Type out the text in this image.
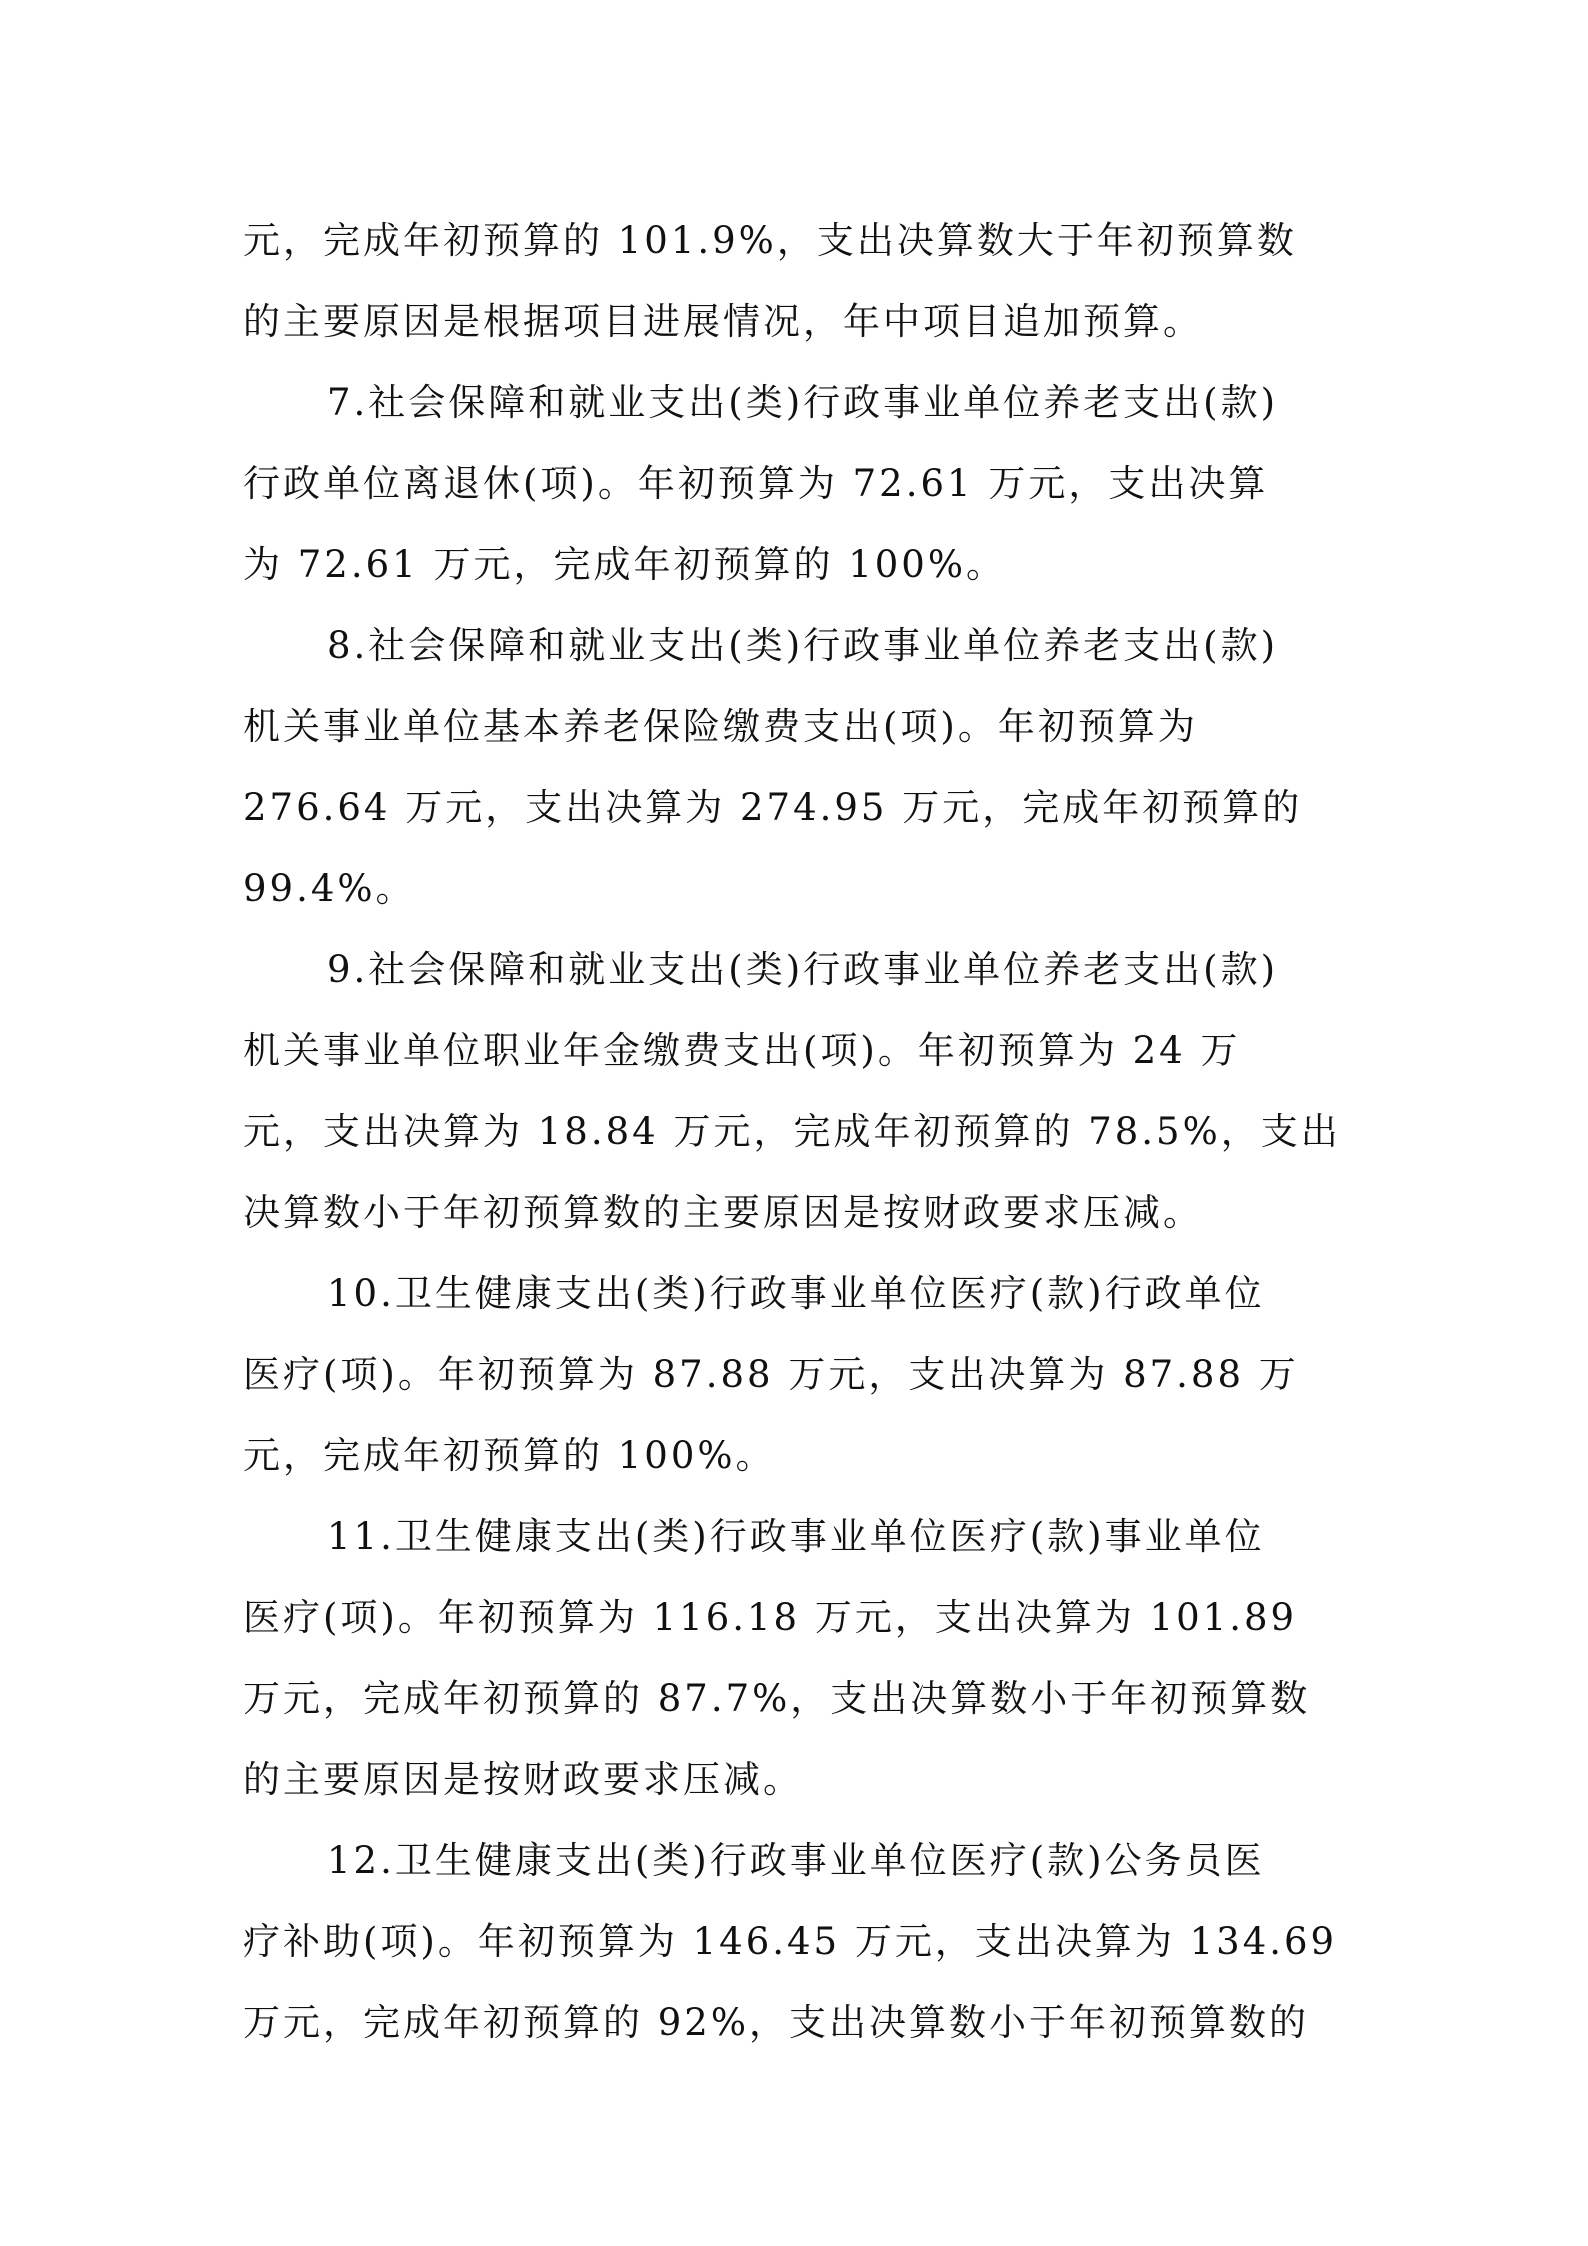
元，完成年初预算的 101.9%，支出决算数大于年初预算数
的主要原因是根据项目进展情况，年中项目追加预算。
7.社会保障和就业支出(类)行政事业单位养老支出(款)
行政单位离退休(项)。年初预算为 72.61 万元，支出决算
为 72.61 万元，完成年初预算的 100%。
8.社会保障和就业支出(类)行政事业单位养老支出(款)
机关事业单位基本养老保险缴费支出(项)。年初预算为
276.64 万元，支出决算为 274.95 万元，完成年初预算的
99.4%。
9.社会保障和就业支出(类)行政事业单位养老支出(款)
机关事业单位职业年金缴费支出(项)。年初预算为 24 万
元，支出决算为 18.84 万元，完成年初预算的 78.5%，支出
决算数小于年初预算数的主要原因是按财政要求压减。
10.卫生健康支出(类)行政事业单位医疗(款)行政单位
医疗(项)。年初预算为 87.88 万元，支出决算为 87.88 万
元，完成年初预算的 100%。
11.卫生健康支出(类)行政事业单位医疗(款)事业单位
医疗(项)。年初预算为 116.18 万元，支出决算为 101.89
万元，完成年初预算的 87.7%，支出决算数小于年初预算数
的主要原因是按财政要求压减。
12.卫生健康支出(类)行政事业单位医疗(款)公务员医
疗补助(项)。年初预算为 146.45 万元，支出决算为 134.69
万元，完成年初预算的 92%，支出决算数小于年初预算数的
